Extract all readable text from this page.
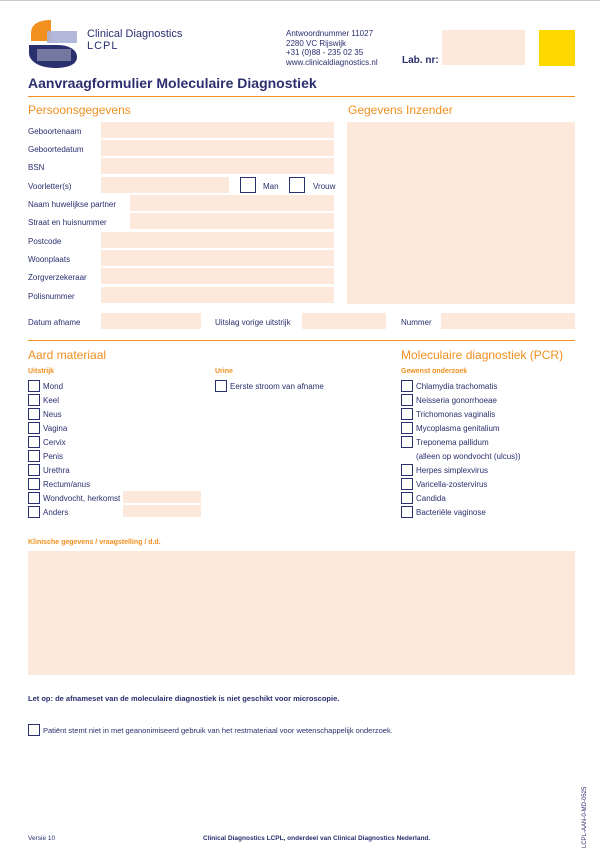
Clinical Diagnostics
LCPL
Antwoordnummer 11027
2280 VC Rijswijk
+31 (0)88 - 235 02 35
www.clinicaldiagnostics.nl Lab. nr:
Aanvraagformulier Moleculaire Diagnostiek
Persoonsgegevens	Gegevens Inzender
Geboortenaam
Geboortedatum
BSN
Voorletter(s)	Man	Vrouw
Naam huwelijkse partner
Straat en huisnummer
Postcode
Woonplaats
Zorgverzekeraar
Polisnummer
Datum afname	Uitslag vorige uitstrijk	Nummer
Aard materiaal	Moleculaire diagnostiek (PCR)
Uitstrijk	Urine	Gewenst onderzoek
Mond
Keel
Neus
Vagina
Cervix
Penis
Urethra
Rectum/anus
Wondvocht, herkomst
Anders
Eerste stroom van afname	Chlamydia trachomatis
Neisseria gonorrhoeae
Trichomonas vaginalis
Mycoplasma genitalium
Treponema pallidum
(alleen op wondvocht (ulcus))
Herpes simplexvirus
Varicella-zostervirus
Candida
Bacteriële vaginose
Klinische gegevens / vraagstelling / d.d.
Let op: de afnameset van de moleculaire diagnostiek is niet geschikt voor microscopie.
Patiënt stemt niet in met geanonimiseerd gebruik van het restmateriaal voor wetenschappelijk onderzoek.
Versie 10	Clinical Diagnostics LCPL, onderdeel van Clinical Diagnostics Nederland.	LCPL-AAN-0-MD-0525
